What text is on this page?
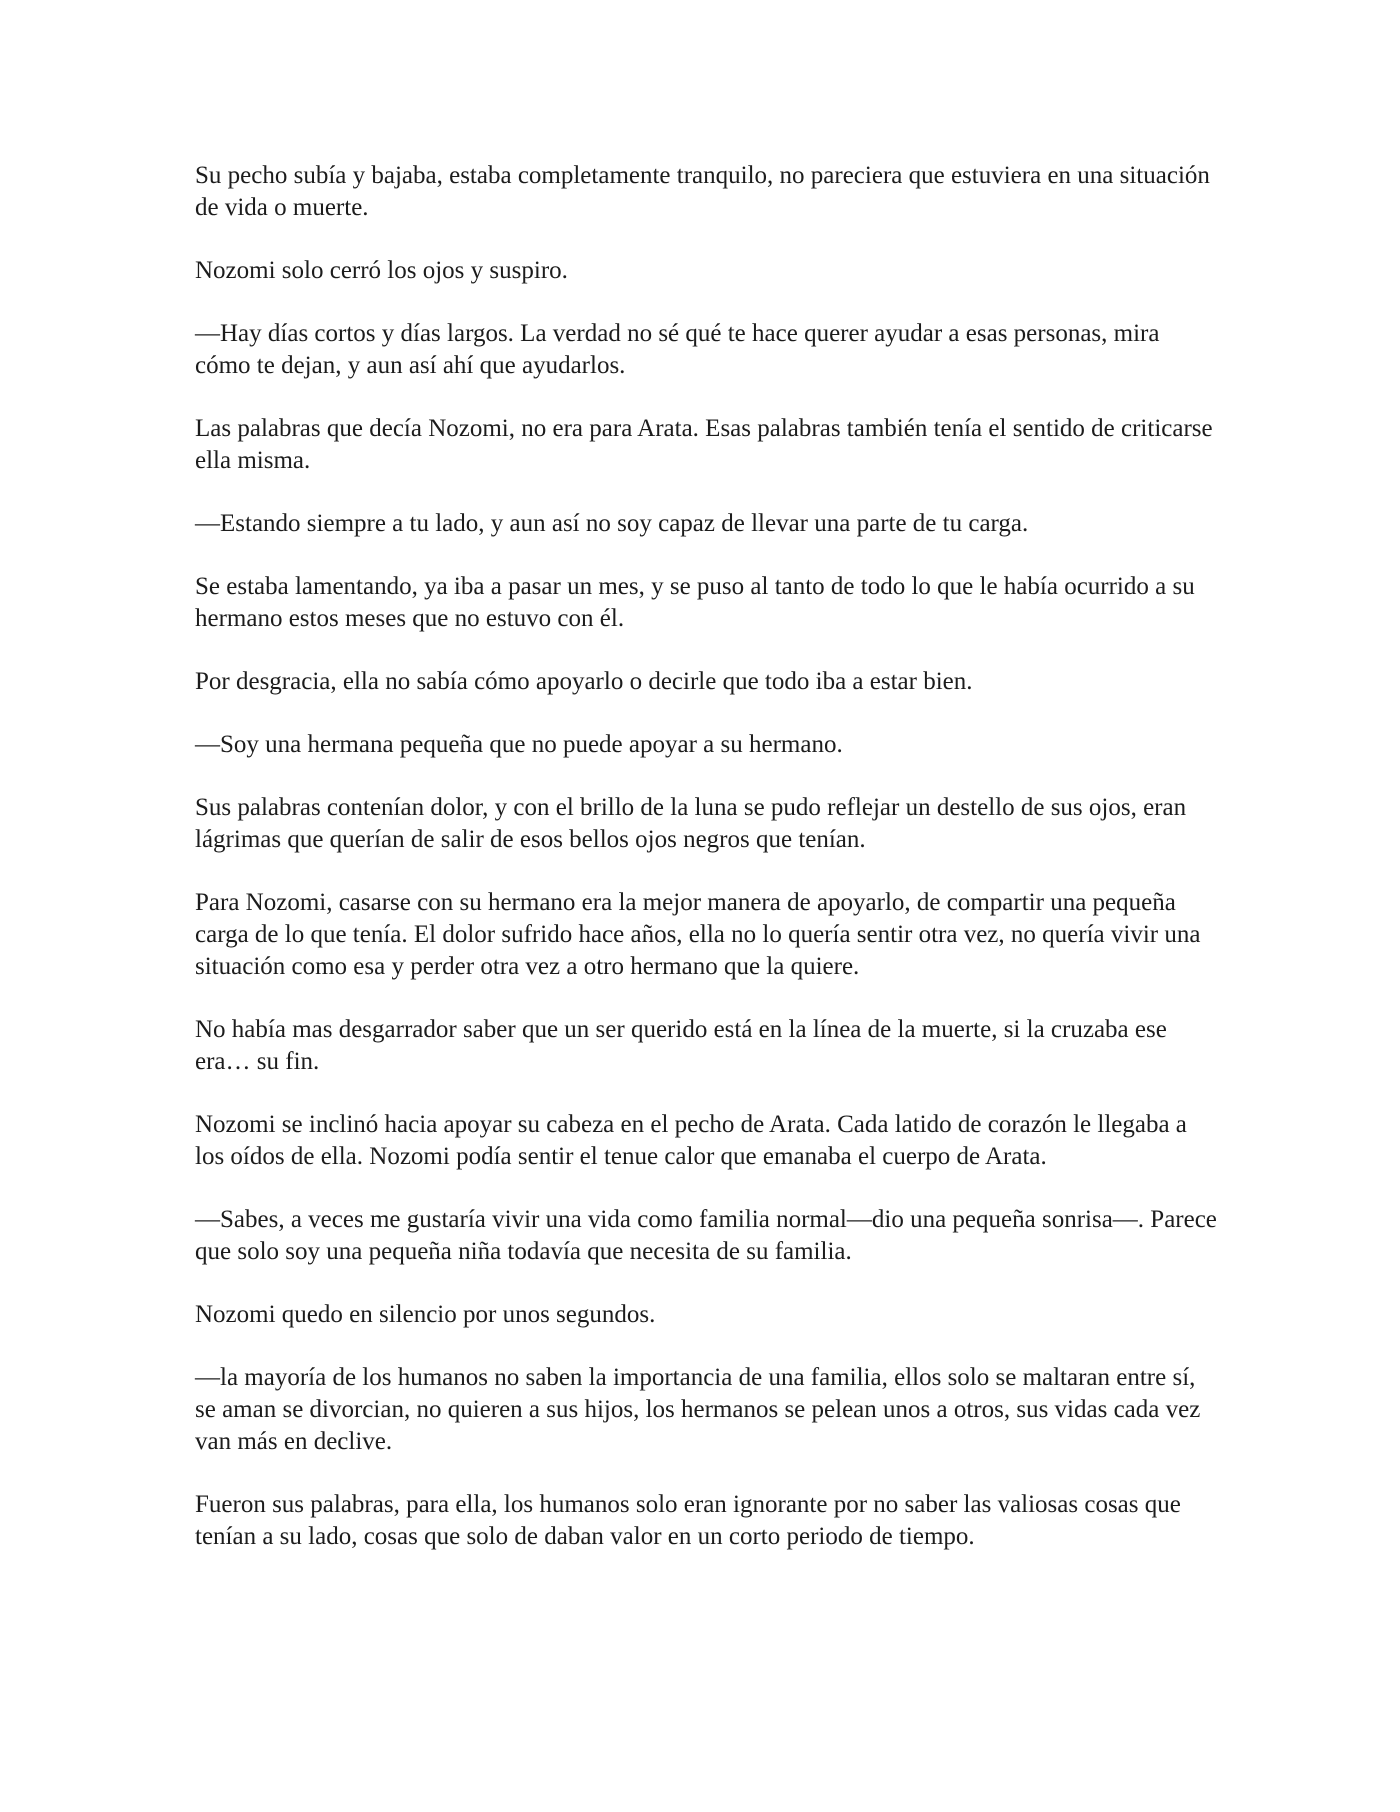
Su pecho subía y bajaba, estaba completamente tranquilo, no pareciera que estuviera en una situación de vida o muerte.

Nozomi solo cerró los ojos y suspiro.

—Hay días cortos y días largos. La verdad no sé qué te hace querer ayudar a esas personas, mira cómo te dejan, y aun así ahí que ayudarlos.

Las palabras que decía Nozomi, no era para Arata. Esas palabras también tenía el sentido de criticarse ella misma.

—Estando siempre a tu lado, y aun así no soy capaz de llevar una parte de tu carga.

Se estaba lamentando, ya iba a pasar un mes, y se puso al tanto de todo lo que le había ocurrido a su hermano estos meses que no estuvo con él.

Por desgracia, ella no sabía cómo apoyarlo o decirle que todo iba a estar bien.

—Soy una hermana pequeña que no puede apoyar a su hermano.

Sus palabras contenían dolor, y con el brillo de la luna se pudo reflejar un destello de sus ojos, eran lágrimas que querían de salir de esos bellos ojos negros que tenían.

Para Nozomi, casarse con su hermano era la mejor manera de apoyarlo, de compartir una pequeña carga de lo que tenía. El dolor sufrido hace años, ella no lo quería sentir otra vez, no quería vivir una situación como esa y perder otra vez a otro hermano que la quiere.

No había mas desgarrador saber que un ser querido está en la línea de la muerte, si la cruzaba ese era… su fin.

Nozomi se inclinó hacia apoyar su cabeza en el pecho de Arata. Cada latido de corazón le llegaba a los oídos de ella. Nozomi podía sentir el tenue calor que emanaba el cuerpo de Arata.

—Sabes, a veces me gustaría vivir una vida como familia normal—dio una pequeña sonrisa—. Parece que solo soy una pequeña niña todavía que necesita de su familia.

Nozomi quedo en silencio por unos segundos.

—la mayoría de los humanos no saben la importancia de una familia, ellos solo se maltaran entre sí, se aman se divorcian, no quieren a sus hijos, los hermanos se pelean unos a otros, sus vidas cada vez van más en declive.

Fueron sus palabras, para ella, los humanos solo eran ignorante por no saber las valiosas cosas que tenían a su lado, cosas que solo de daban valor en un corto periodo de tiempo.
